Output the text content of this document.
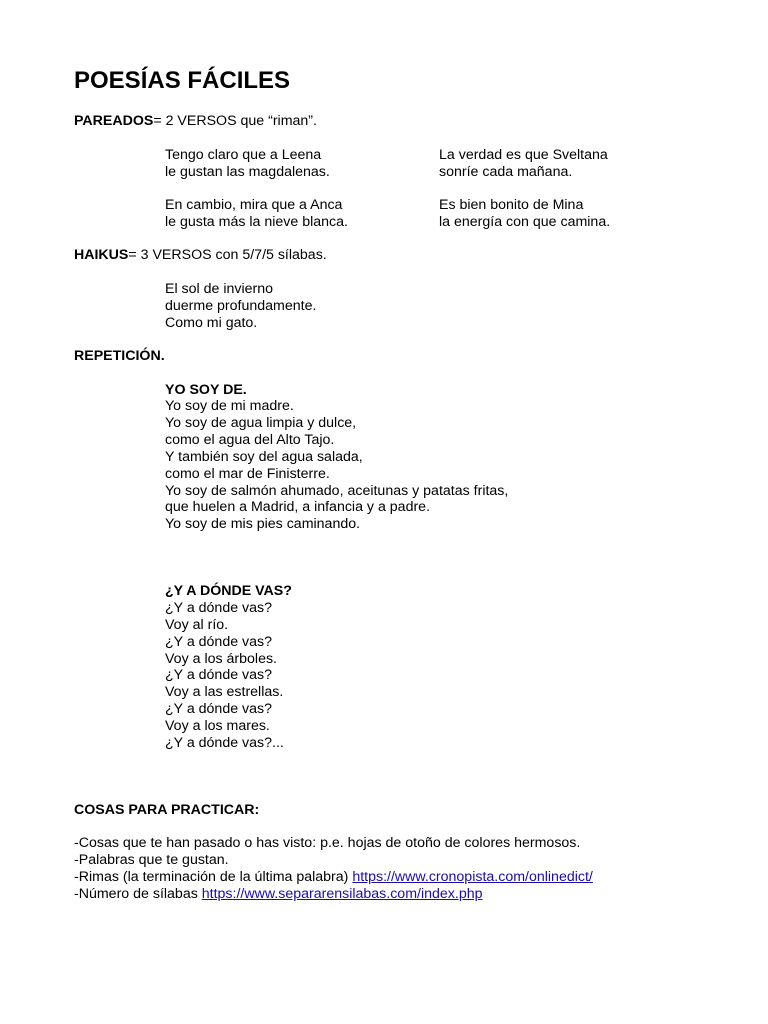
POESÍAS FÁCILES

PAREADOS= 2 VERSOS que “riman”.

Tengo claro que a Leena

le gustan las magdalenas.

En cambio, mira que a Anca

le gusta más la nieve blanca.

La verdad es que Sveltana

sonríe cada mañana.

Es bien bonito de Mina

la energía con que camina.

HAIKUS= 3 VERSOS con 5/7/5 sílabas.

El sol de invierno

duerme profundamente.

Como mi gato.

REPETICIÓN.

YO SOY DE.

Yo soy de mi madre.

Yo soy de agua limpia y dulce,

como el agua del Alto Tajo.

Y también soy del agua salada,

como el mar de Finisterre.

Yo soy de salmón ahumado, aceitunas y patatas fritas,

que huelen a Madrid, a infancia y a padre.

Yo soy de mis pies caminando.

¿Y A DÓNDE VAS?

¿Y a dónde vas?

Voy al río.

¿Y a dónde vas?

Voy a los árboles.

¿Y a dónde vas?

Voy a las estrellas.

¿Y a dónde vas?

Voy a los mares.

¿Y a dónde vas?...

COSAS PARA PRACTICAR:

-Cosas que te han pasado o has visto: p.e. hojas de otoño de colores hermosos.

-Palabras que te gustan.

-Rimas (la terminación de la última palabra) https://www.cronopista.com/onlinedict/

-Número de sílabas https://www.separarensilabas.com/index.php
